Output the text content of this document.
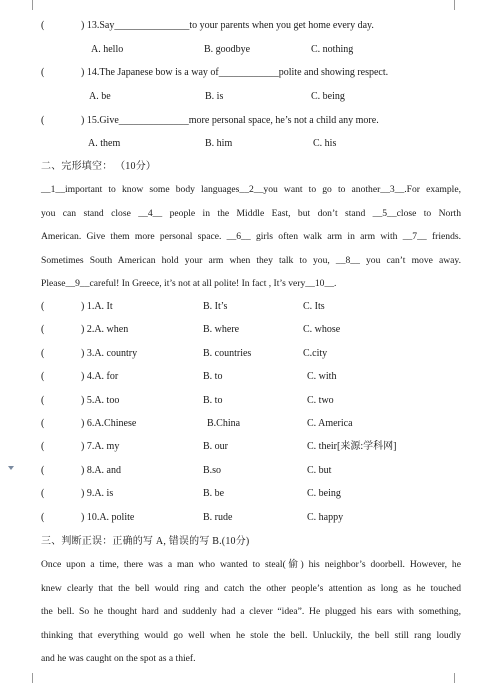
(	) 13.Say_______________to your parents when you get home every day.
A. hello	B. goodbye	C. nothing
(	) 14.The Japanese bow is a way of____________polite and showing respect.
A. be	B. is	C. being
(	) 15.Give______________more personal space, he’s not a child any more.
A. them	B. him	C. his
二、完形填空： （10分）
__1__important to know some body languages__2__you want to go to another__3__.For example,
you can stand close __4__ people in the Middle East, but don’t stand __5__close to North
American. Give them more personal space. __6__ girls often walk arm in arm with __7__ friends.
Sometimes South American hold your arm when they talk to you, __8__ you can’t move away.
Please__9__careful! In Greece, it’s not at all polite! In fact , It’s very__10__.
(	) 1.A. It	B. It’s	C. Its
(	) 2.A. when	B. where	C. whose
(	) 3.A. country	B. countries	C.city
(	) 4.A. for	B. to	C. with
(	) 5.A. too	B. to	C. two
(	) 6.A.Chinese	B.China	C. America
(	) 7.A. my	B. our	C. their[来源:学科网]
(	) 8.A. and	B.so	C. but
(	) 9.A. is	B. be	C. being
(	) 10.A. polite	B. rude	C. happy
三、判断正误：正确的写 A, 错误的写 B.(10分)
Once upon a time, there was a man who wanted to steal(偷) his neighbor’s doorbell. However, he
knew clearly that the bell would ring and catch the other people’s attention as long as he touched
the bell. So he thought hard and suddenly had a clever “idea”. He plugged his ears with something,
thinking that everything would go well when he stole the bell. Unluckily, the bell still rang loudly
and he was caught on the spot as a thief.
